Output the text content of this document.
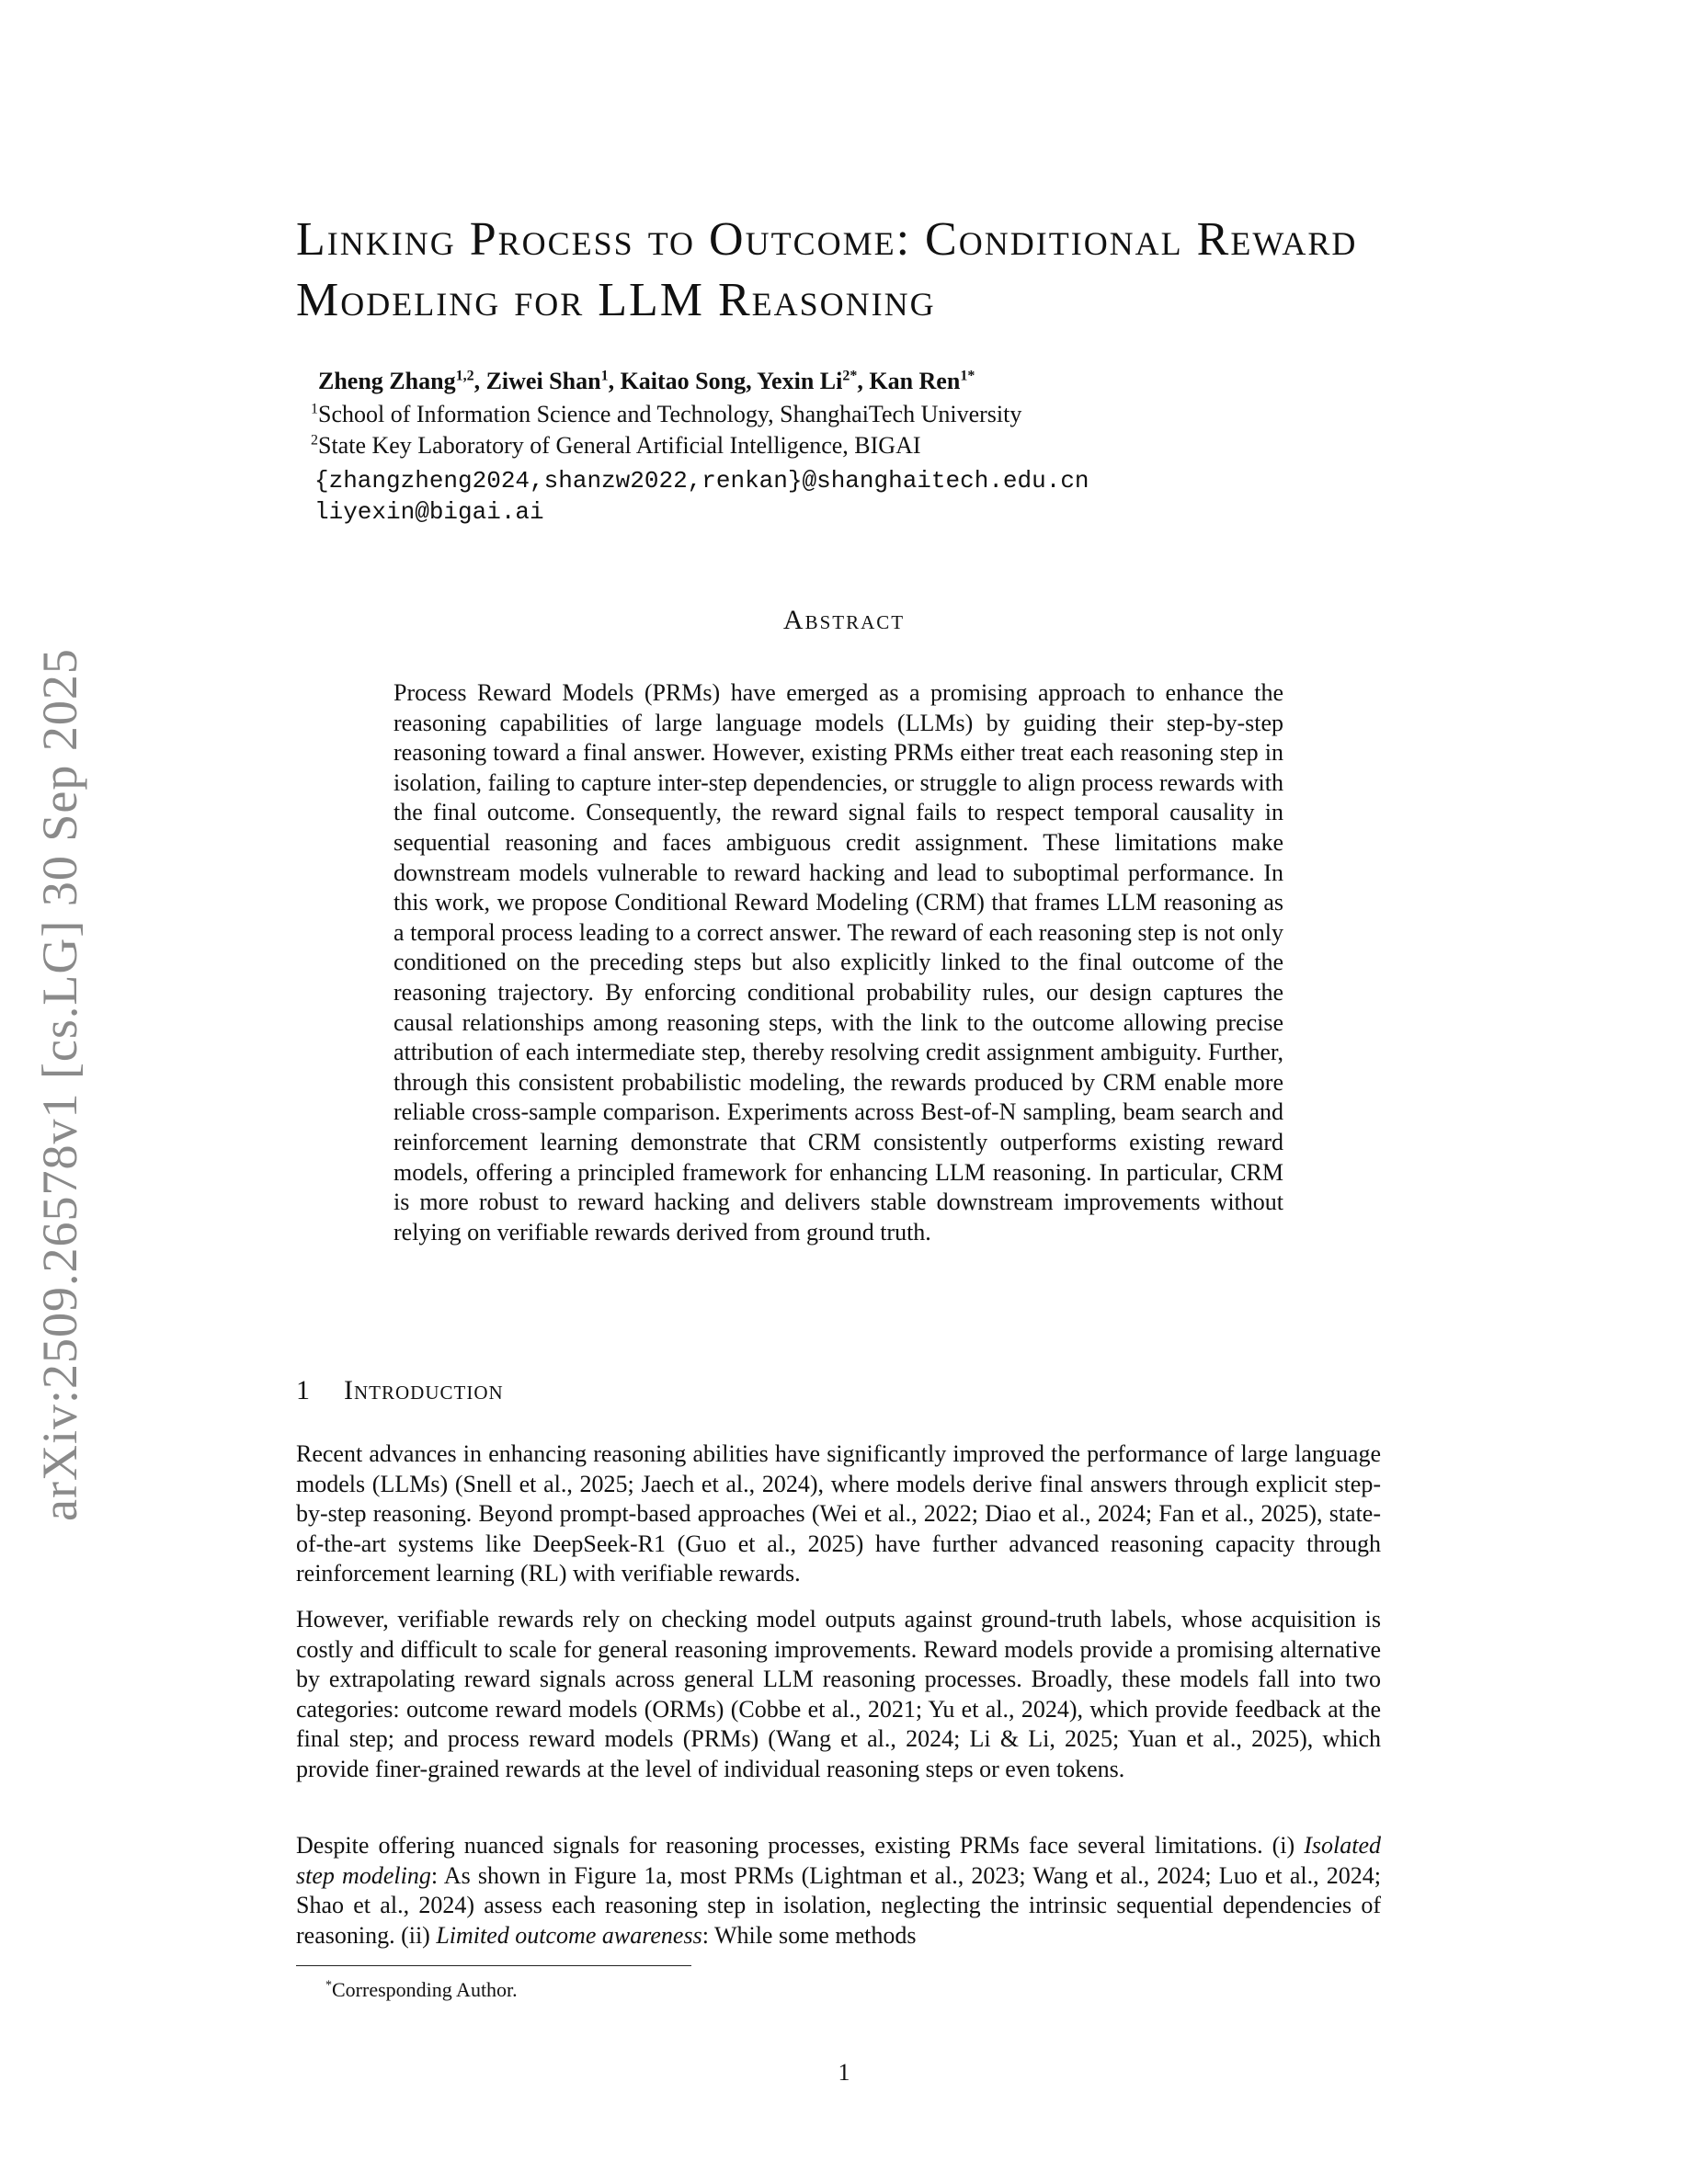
arXiv:2509.26578v1 [cs.LG] 30 Sep 2025
Linking Process to Outcome: Conditional Reward Modeling for LLM Reasoning
Zheng Zhang$^{1,2}$, Ziwei Shan$^1$, Kaitao Song, Yexin $Li^{2*}$, Kan Ren$^{1*}$
$^1$School of Information Science and Technology, ShanghaiTech University
$^2$State Key Laboratory of General Artificial Intelligence, BIGAI
{zhangzheng2024,shanzw2022,renkan}@shanghaitech.edu.cn
liyexin@bigai.ai
Abstract

Process Reward Models (PRMs) have emerged as a promising approach to enhance the reasoning capabilities of large language models (LLMs) by guiding their step-by-step reasoning toward a final answer. However, existing PRMs either treat each reasoning step in isolation, failing to capture inter-step dependencies, or struggle to align process rewards with the final outcome. Consequently, the reward signal fails to respect temporal causality in sequential reasoning and faces ambiguous credit assignment. These limitations make downstream models vulnerable to reward hacking and lead to suboptimal performance. In this work, we propose Conditional Reward Modeling (CRM) that frames LLM reasoning as a temporal process leading to a correct answer. The reward of each reasoning step is not only conditioned on the preceding steps but also explicitly linked to the final outcome of the reasoning trajectory. By enforcing conditional probability rules, our design captures the causal relationships among reasoning steps, with the link to the outcome allowing precise attribution of each intermediate step, thereby resolving credit assignment ambiguity. Further, through this consistent probabilistic modeling, the rewards produced by CRM enable more reliable cross-sample comparison. Experiments across Best-of-N sampling, beam search and reinforcement learning demonstrate that CRM consistently outperforms existing reward models, offering a principled framework for enhancing LLM reasoning. In particular, CRM is more robust to reward hacking and delivers stable downstream improvements without relying on verifiable rewards derived from ground truth.

1 Introduction

Recent advances in enhancing reasoning abilities have significantly improved the performance of large language models (LLMs) (Snell et al., 2025; Jaech et al., 2024), where models derive final answers through explicit step-by-step reasoning. Beyond prompt-based approaches (Wei et al., 2022; Diao et al., 2024; Fan et al., 2025), state-of-the-art systems like DeepSeek-R1 (Guo et al., 2025) have further advanced reasoning capacity through reinforcement learning (RL) with verifiable rewards.

However, verifiable rewards rely on checking model outputs against ground-truth labels, whose acquisition is costly and difficult to scale for general reasoning improvements. Reward models provide a promising alternative by extrapolating reward signals across general LLM reasoning processes. Broadly, these models fall into two categories: outcome reward models (ORMs) (Cobbe et al., 2021; Yu et al., 2024), which provide feedback at the final step; and process reward models (PRMs) (Wang et al., 2024; Li & Li, 2025; Yuan et al., 2025), which provide finer-grained rewards at the level of individual reasoning steps or even tokens.

Despite offering nuanced signals for reasoning processes, existing PRMs face several limitations. (i) Isolated step modeling: As shown in Figure 1a, most PRMs (Lightman et al., 2023; Wang et al., 2024; Luo et al., 2024; Shao et al., 2024) assess each reasoning step in isolation, neglecting the intrinsic sequential dependencies of reasoning. (ii) Limited outcome awareness: While some methods

*Corresponding Author.
1
